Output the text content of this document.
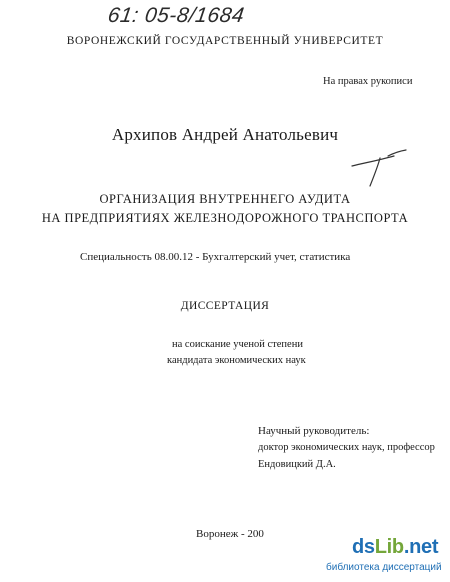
61: 05-8/1684
ВОРОНЕЖСКИЙ ГОСУДАРСТВЕННЫЙ УНИВЕРСИТЕТ
На правах рукописи
Архипов Андрей Анатольевич
ОРГАНИЗАЦИЯ ВНУТРЕННЕГО АУДИТА
НА ПРЕДПРИЯТИЯХ ЖЕЛЕЗНОДОРОЖНОГО ТРАНСПОРТА
Специальность 08.00.12 - Бухгалтерский учет, статистика
ДИССЕРТАЦИЯ
на соискание ученой степени
кандидата экономических наук
Научный руководитель:
доктор экономических наук, профессор
Ендовицкий Д.А.
Воронеж - 200
dsLib.net
библиотека диссертаций
